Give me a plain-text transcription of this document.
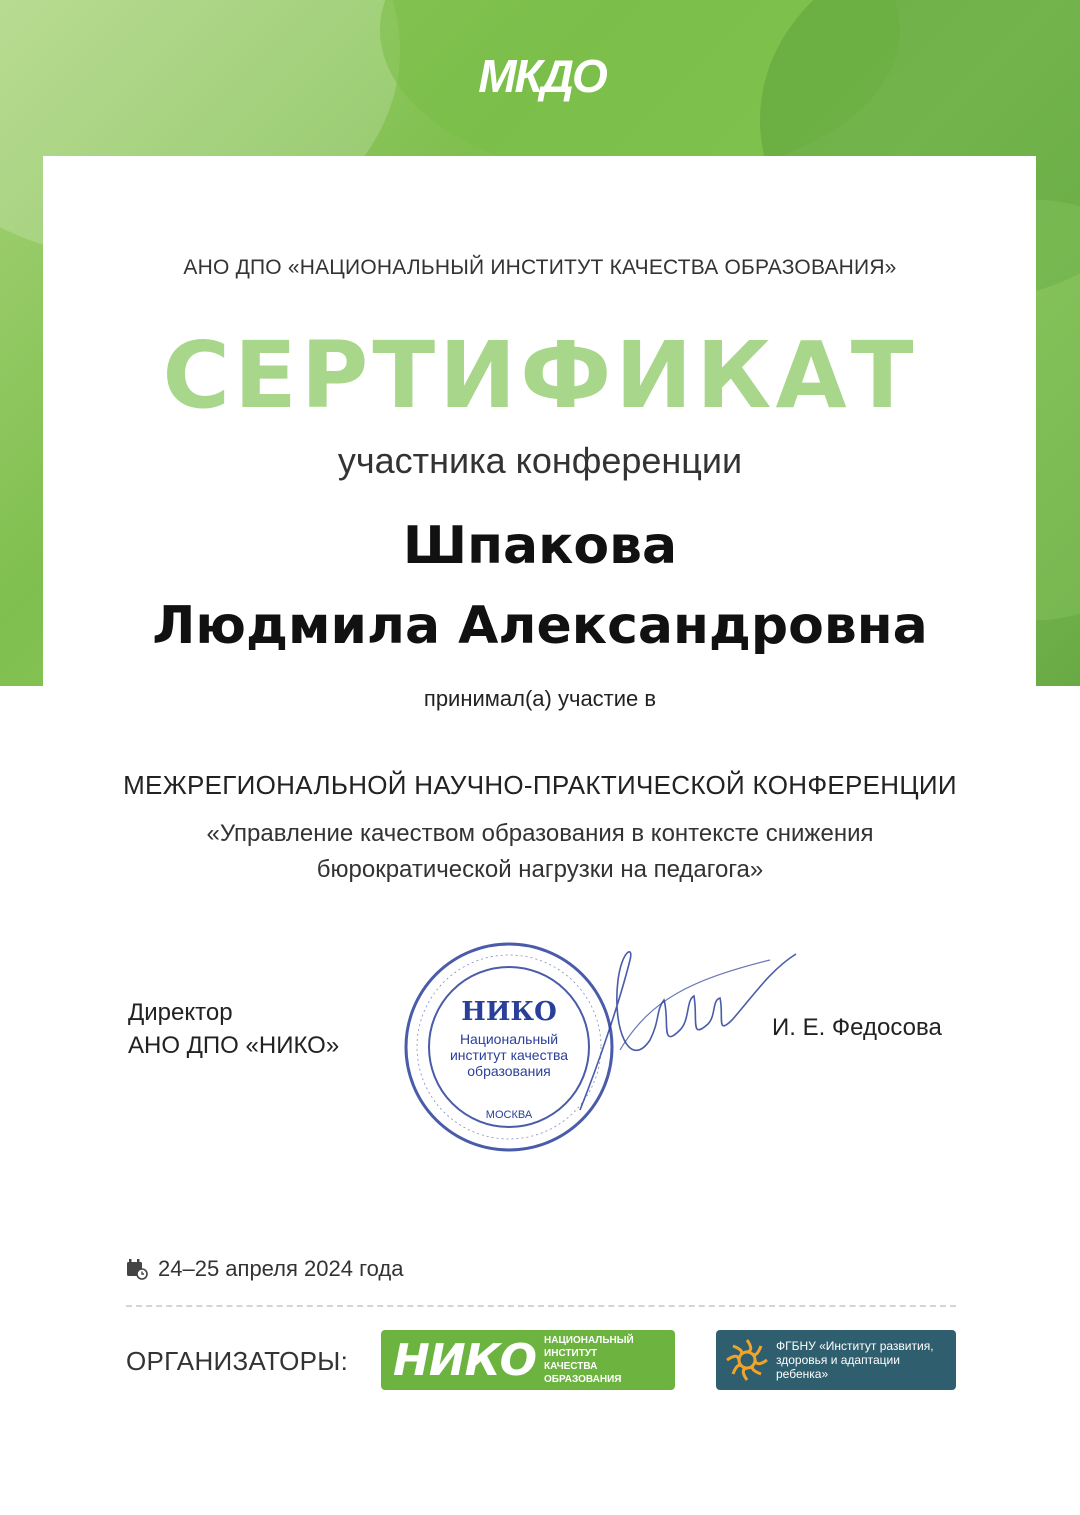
МКДО
АНО ДПО «НАЦИОНАЛЬНЫЙ ИНСТИТУТ КАЧЕСТВА ОБРАЗОВАНИЯ»
СЕРТИФИКАТ
участника конференции
Шпакова
Людмила Александровна
принимал(а) участие в
МЕЖРЕГИОНАЛЬНОЙ НАУЧНО-ПРАКТИЧЕСКОЙ КОНФЕРЕНЦИИ
«Управление качеством образования в контексте снижения
бюрократической нагрузки на педагога»
Директор
АНО ДПО «НИКО»
НИКО
Национальный
институт качества
образования
МОСКВА
И. Е. Федосова
24–25 апреля 2024 года
ОРГАНИЗАТОРЫ: НИКО НАЦИОНАЛЬНЫЙ ИНСТИТУТ
КАЧЕСТВА ОБРАЗОВАНИЯ
ФГБНУ «Институт развития,
здоровья и адаптации
ребенка»
